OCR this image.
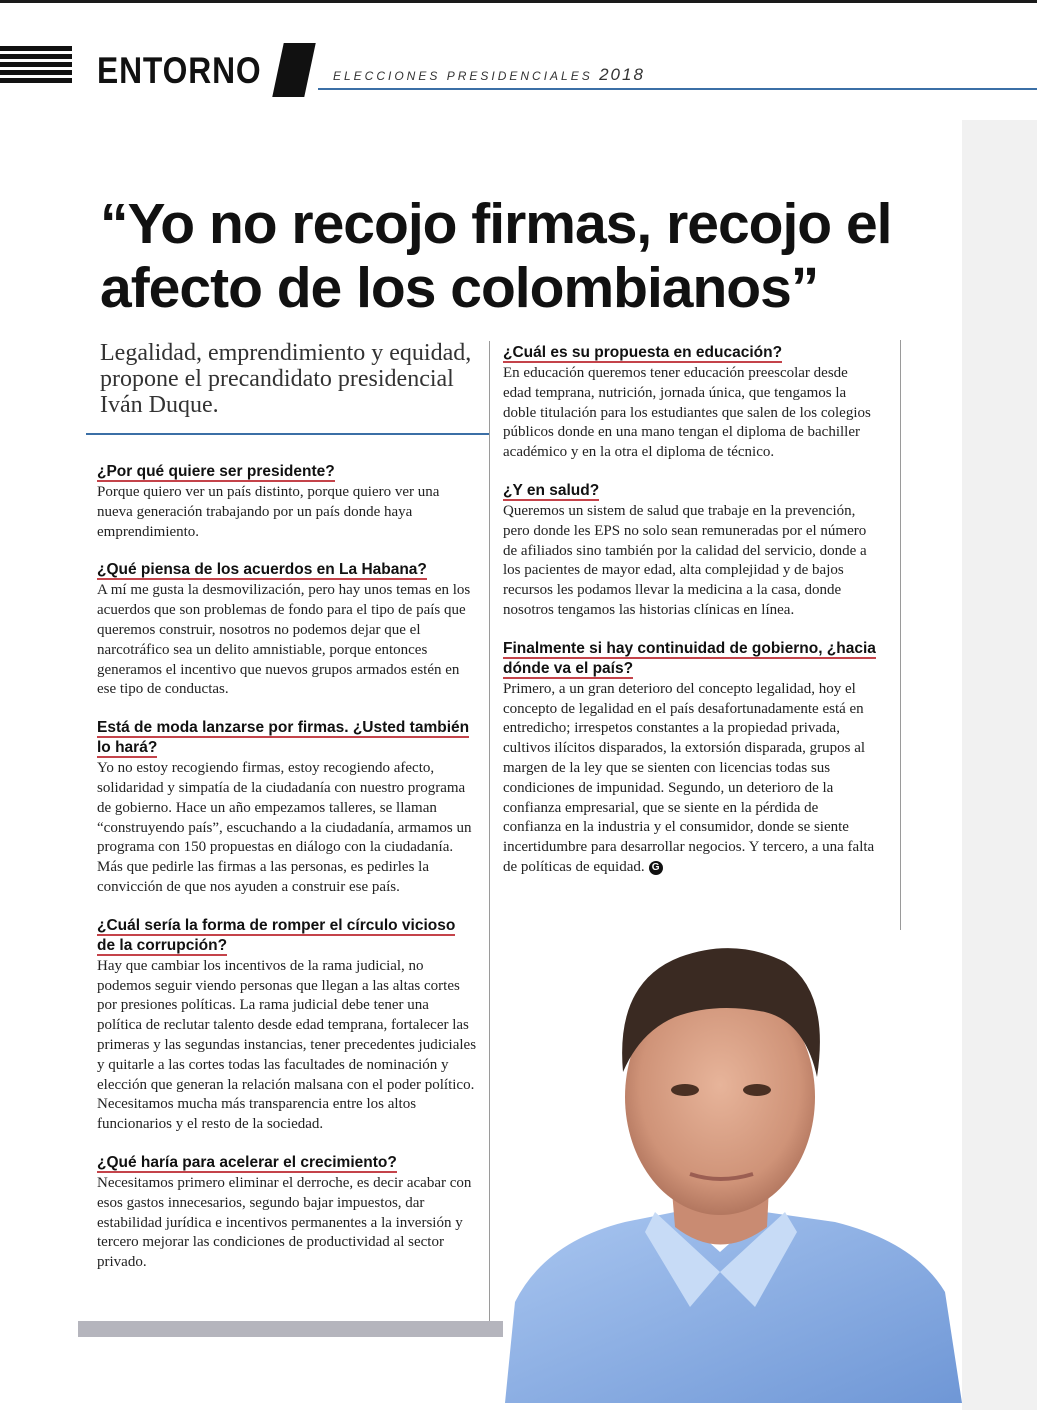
ENTORNO	ELECCIONES PRESIDENCIALES 2018
“Yo no recojo firmas, recojo el afecto de los colombianos”

Legalidad, emprendimiento y equidad, propone el precandidato presidencial Iván Duque.

¿Por qué quiere ser presidente?

Porque quiero ver un país distinto, porque quiero ver una nueva generación trabajando por un país donde haya emprendimiento.

¿Qué piensa de los acuerdos en La Habana?

A mí me gusta la desmovilización, pero hay unos temas en los acuerdos que son problemas de fondo para el tipo de país que queremos construir, nosotros no podemos dejar que el narcotráfico sea un delito amnistiable, porque entonces generamos el incentivo que nuevos grupos armados estén en ese tipo de conductas.

Está de moda lanzarse por firmas. ¿Usted también lo hará?

Yo no estoy recogiendo firmas, estoy recogiendo afecto, solidaridad y simpatía de la ciudadanía con nuestro programa de gobierno. Hace un año empezamos talleres, se llaman “construyendo país”, escuchando a la ciudadanía, armamos un programa con 150 propuestas en diálogo con la ciudadanía. Más que pedirle las firmas a las personas, es pedirles la convicción de que nos ayuden a construir ese país.

¿Cuál sería la forma de romper el círculo vicioso de la corrupción?

Hay que cambiar los incentivos de la rama judicial, no podemos seguir viendo personas que llegan a las altas cortes por presiones políticas. La rama judicial debe tener una política de reclutar talento desde edad temprana, fortalecer las primeras y las segundas instancias, tener precedentes judiciales y quitarle a las cortes todas las facultades de nominación y elección que generan la relación malsana con el poder político. Necesitamos mucha más transparencia entre los altos funcionarios y el resto de la sociedad.

¿Qué haría para acelerar el crecimiento?

Necesitamos primero eliminar el derroche, es decir acabar con esos gastos innecesarios, segundo bajar impuestos, dar estabilidad jurídica e incentivos permanentes a la inversión y tercero mejorar las condiciones de productividad al sector privado.

¿Cuál es su propuesta en educación?

En educación queremos tener educación preescolar desde edad temprana, nutrición, jornada única, que tengamos la doble titulación para los estudiantes que salen de los colegios públicos donde en una mano tengan el diploma de bachiller académico y en la otra el diploma de técnico.

¿Y en salud?

Queremos un sistem de salud que trabaje en la prevención, pero donde les EPS no solo sean remuneradas por el número de afiliados sino también por la calidad del servicio, donde a los pacientes de mayor edad, alta complejidad y de bajos recursos les podamos llevar la medicina a la casa, donde nosotros tengamos las historias clínicas en línea.

Finalmente si hay continuidad de gobierno, ¿hacia dónde va el país?

Primero, a un gran deterioro del concepto legalidad, hoy el concepto de legalidad en el país desafortunadamente está en entredicho; irrespetos constantes a la propiedad privada, cultivos ilícitos disparados, la extorsión disparada, grupos al margen de la ley que se sienten con licencias todas sus condiciones de impunidad. Segundo, un deterioro de la confianza empresarial, que se siente en la pérdida de confianza en la industria y el consumidor, donde se siente incertidumbre para desarrollar negocios. Y tercero, a una falta de políticas de equidad. G
